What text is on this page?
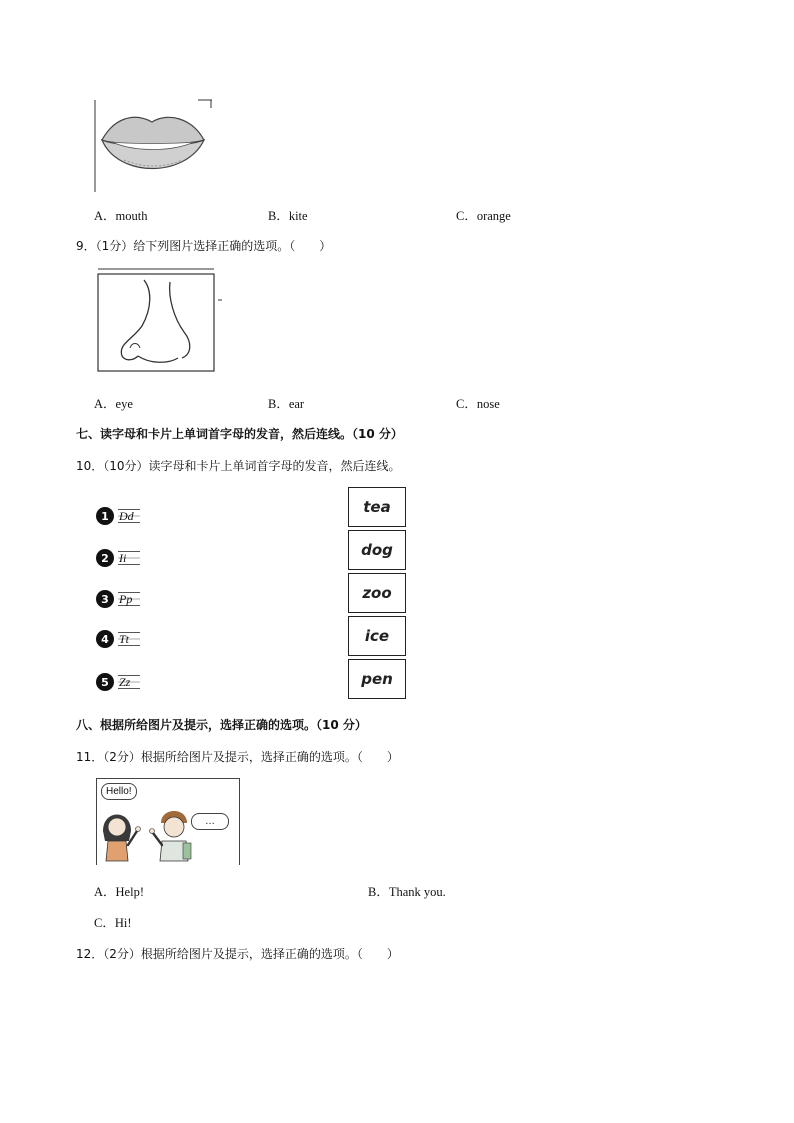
A．mouth	B．kite	C．orange
9．（1分）给下列图片选择正确的选项。（　　）
A．eye	B．ear	C．nose
七、读字母和卡片上单词首字母的发音，然后连线。（10 分）
10．（10分）读字母和卡片上单词首字母的发音，然后连线。
1 Dd
2 Ii
3 Pp
4 Tt
5 Zz
tea
dog
zoo
ice
pen
八、根据所给图片及提示，选择正确的选项。（10 分）
11．（2分）根据所给图片及提示，选择正确的选项。（　　）
Hello!
…
A．Help!	B．Thank you.
C．Hi!
12．（2分）根据所给图片及提示，选择正确的选项。（　　）
